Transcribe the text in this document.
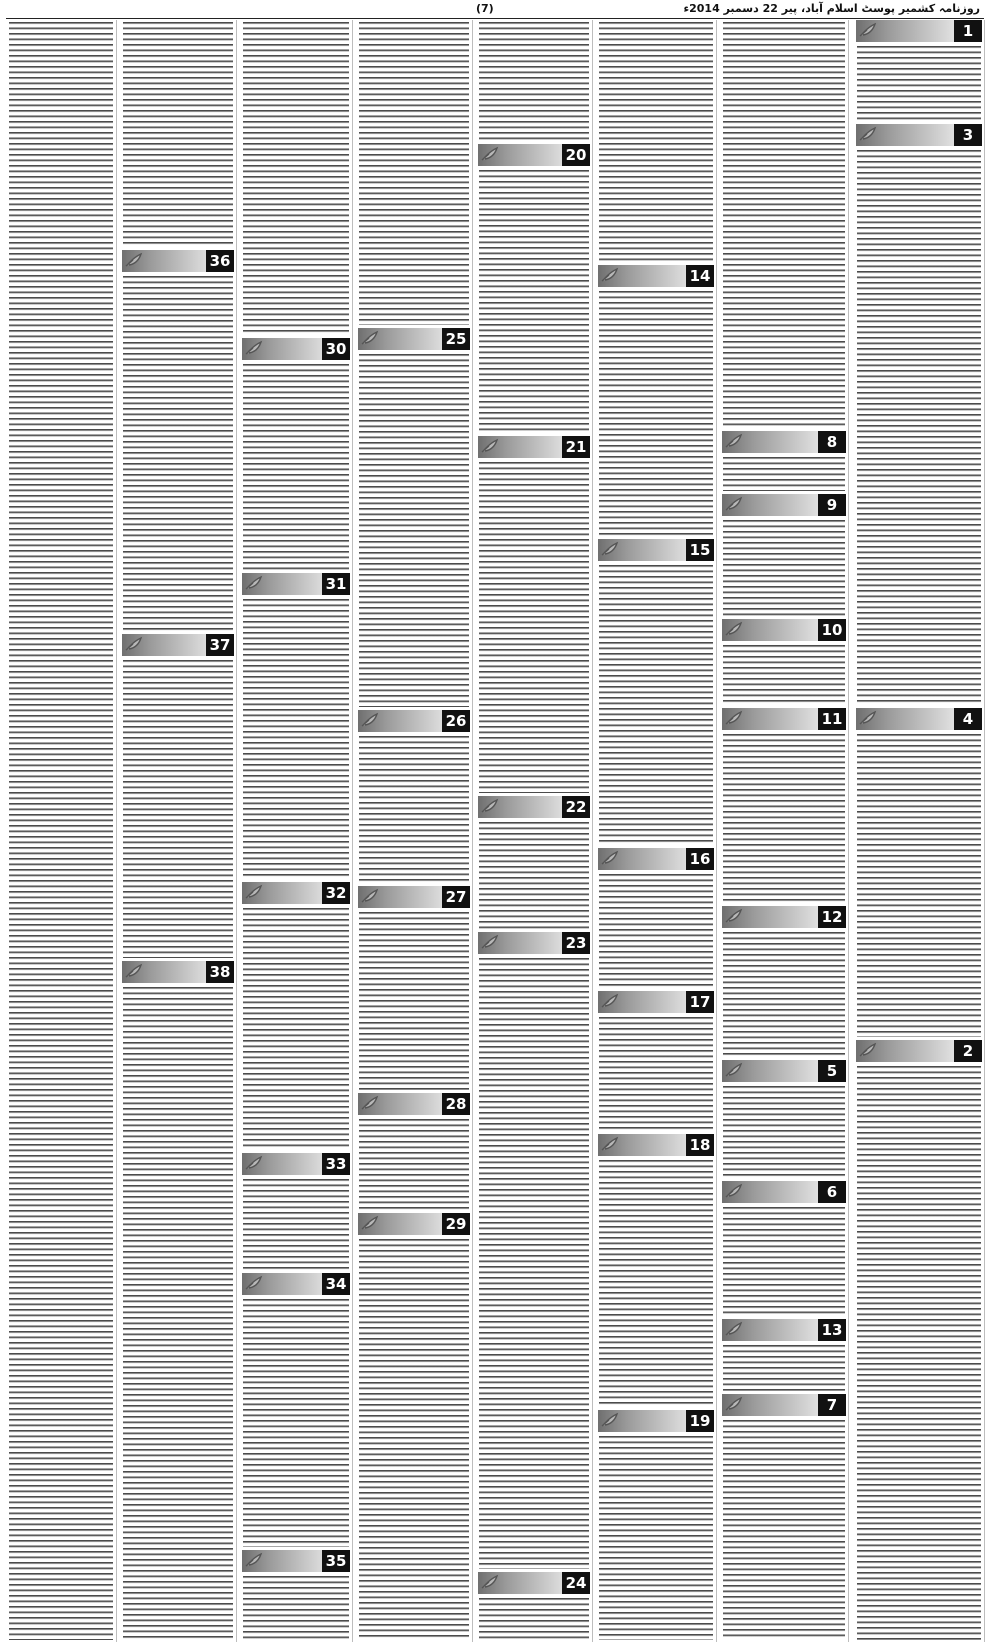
روزنامہ کشمیر پوسٹ اسلام آباد، پیر 22 دسمبر 2014ء
(7)
1
3
4
2
8
9
10
11
5
12
6
13
7
14
15
16
17
18
19
20
21
22
23
24
25
26
27
28
29
30
31
32
33
34
35
36
37
38
